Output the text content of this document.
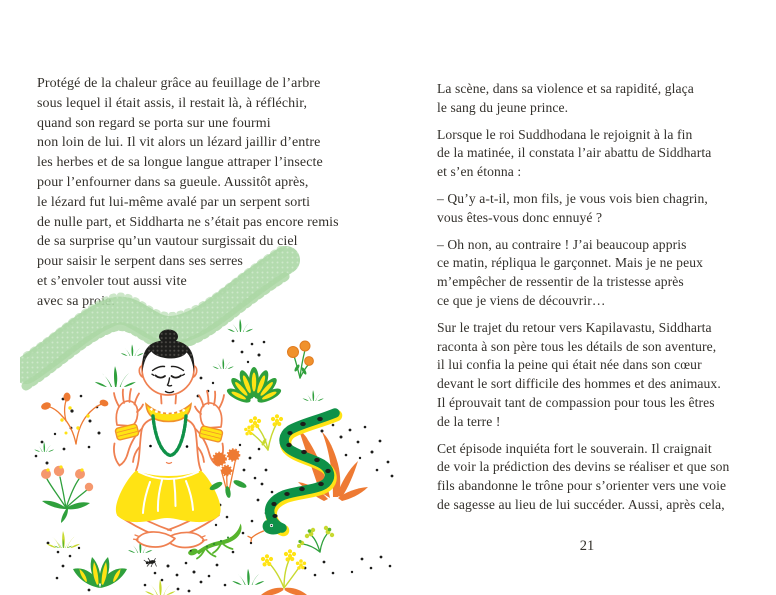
Protégé de la chaleur grâce au feuillage de l’arbre
sous lequel il était assis, il restait là, à réfléchir,
quand son regard se porta sur une fourmi
non loin de lui. Il vit alors un lézard jaillir d’entre
les herbes et de sa longue langue attraper l’insecte
pour l’enfourner dans sa gueule. Aussitôt après,
le lézard fut lui-même avalé par un serpent sorti
de nulle part, et Siddharta ne s’était pas encore remis
de sa surprise qu’un vautour surgissait du ciel
pour saisir le serpent dans ses serres
et s’envoler tout aussi vite
avec sa proie.

La scène, dans sa violence et sa rapidité, glaça
le sang du jeune prince.

Lorsque le roi Suddhodana le rejoignit à la fin
de la matinée, il constata l’air abattu de Siddharta
et s’en étonna :

– Qu’y a-t-il, mon fils, je vous vois bien chagrin,
vous êtes-vous donc ennuyé ?

– Oh non, au contraire ! J’ai beaucoup appris
ce matin, répliqua le garçonnet. Mais je ne peux
m’empêcher de ressentir de la tristesse après
ce que je viens de découvrir…

Sur le trajet du retour vers Kapilavastu, Siddharta
raconta à son père tous les détails de son aventure,
il lui confia la peine qui était née dans son cœur
devant le sort difficile des hommes et des animaux.
Il éprouvait tant de compassion pour tous les êtres
de la terre !

Cet épisode inquiéta fort le souverain. Il craignait
de voir la prédiction des devins se réaliser et que son
fils abandonne le trône pour s’orienter vers une voie
de sagesse au lieu de lui succéder. Aussi, après cela,

21
